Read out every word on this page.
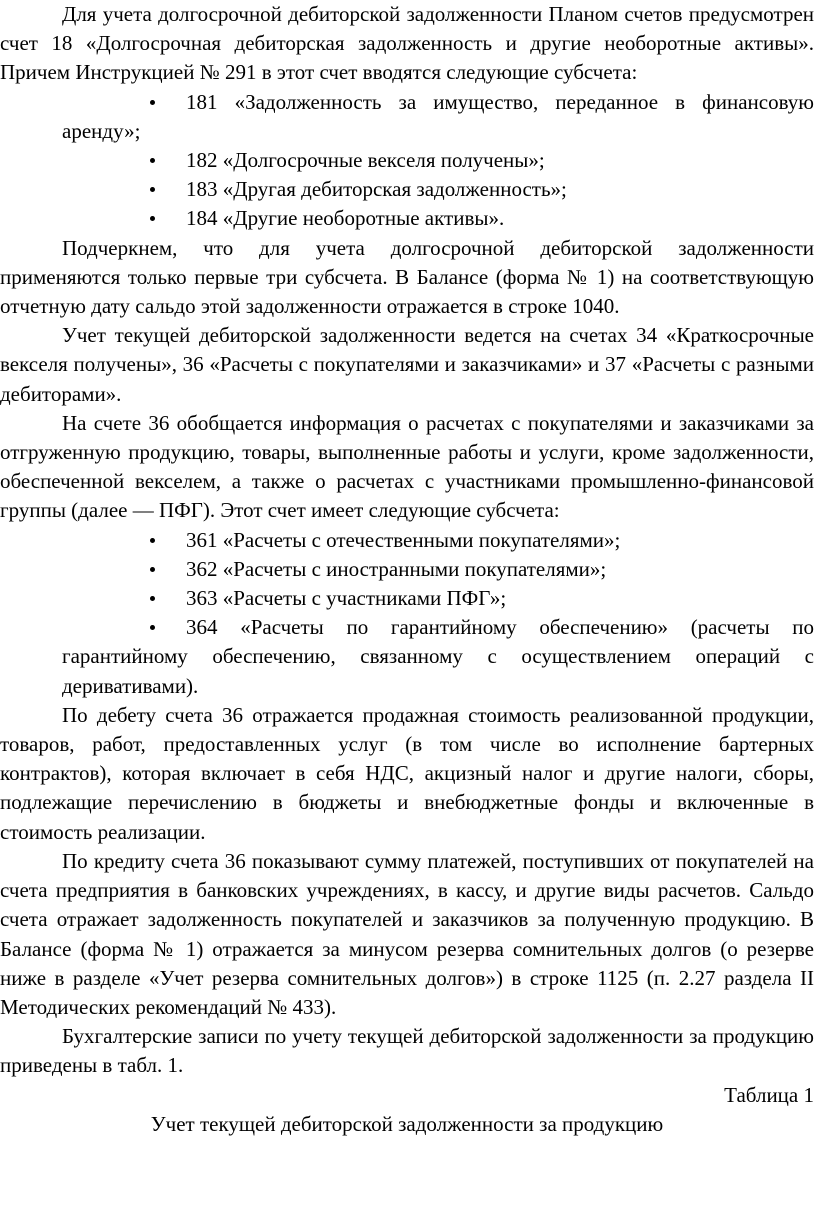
Для учета долгосрочной дебиторской задолженности Планом счетов предусмотрен счет 18 «Долгосрочная дебиторская задолженность и другие необоротные активы». Причем Инструкцией № 291 в этот счет вводятся следующие субсчета:

181 «Задолженность за имущество, переданное в финансовую аренду»;
182 «Долгосрочные векселя получены»;
183 «Другая дебиторская задолженность»;
184 «Другие необоротные активы».

Подчеркнем, что для учета долгосрочной дебиторской задолженности применяются только первые три субсчета. В Балансе (форма № 1) на соответствующую отчетную дату сальдо этой задолженности отражается в строке 1040.

Учет текущей дебиторской задолженности ведется на счетах 34 «Краткосрочные векселя получены», 36 «Расчеты с покупателями и заказчиками» и 37 «Расчеты с разными дебиторами».

На счете 36 обобщается информация о расчетах с покупателями и заказчиками за отгруженную продукцию, товары, выполненные работы и услуги, кроме задолженности, обеспеченной векселем, а также о расчетах с участниками промышленно-финансовой группы (далее — ПФГ). Этот счет имеет следующие субсчета:

361 «Расчеты с отечественными покупателями»;
362 «Расчеты с иностранными покупателями»;
363 «Расчеты с участниками ПФГ»;
364 «Расчеты по гарантийному обеспечению» (расчеты по гарантийному обеспечению, связанному с осуществлением операций с деривативами).

По дебету счета 36 отражается продажная стоимость реализованной продукции, товаров, работ, предоставленных услуг (в том числе во исполнение бартерных контрактов), которая включает в себя НДС, акцизный налог и другие налоги, сборы, подлежащие перечислению в бюджеты и внебюджетные фонды и включенные в стоимость реализации.

По кредиту счета 36 показывают сумму платежей, поступивших от покупателей на счета предприятия в банковских учреждениях, в кассу, и другие виды расчетов. Сальдо счета отражает задолженность покупателей и заказчиков за полученную продукцию. В Балансе (форма № 1) отражается за минусом резерва сомнительных долгов (о резерве ниже в разделе «Учет резерва сомнительных долгов») в строке 1125 (п. 2.27 раздела II Методических рекомендаций № 433).

Бухгалтерские записи по учету текущей дебиторской задолженности за продукцию приведены в табл. 1.

Таблица 1

Учет текущей дебиторской задолженности за продукцию
